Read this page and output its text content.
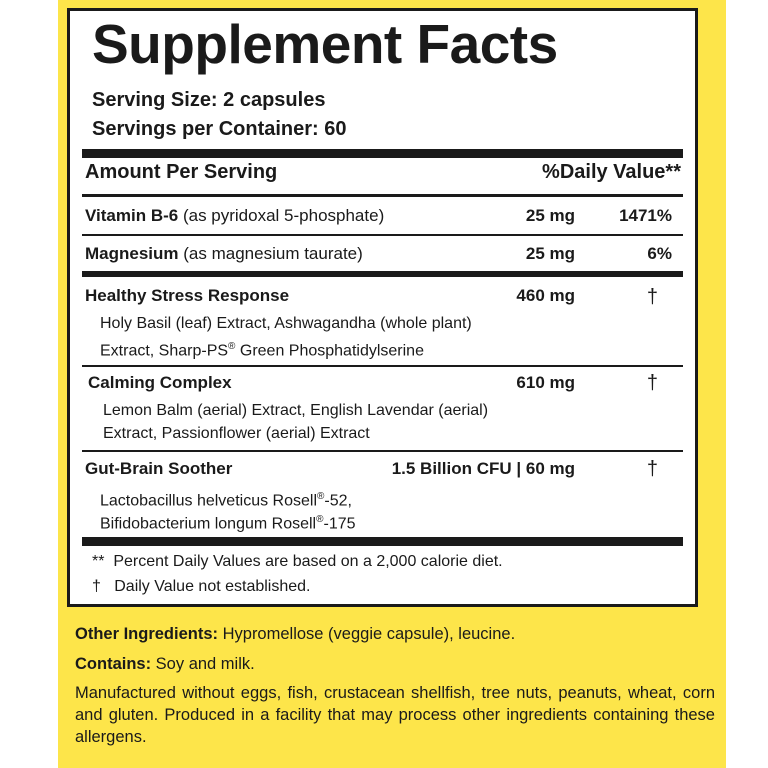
Supplement Facts
Serving Size: 2 capsules
Servings per Container: 60
Amount Per Serving	%Daily Value**
Vitamin B-6 (as pyridoxal 5-phosphate)	25 mg	1471%
Magnesium (as magnesium taurate)	25 mg	6%
Healthy Stress Response	460 mg	†
Holy Basil (leaf) Extract, Ashwagandha (whole plant)
Extract, Sharp-PS® Green Phosphatidylserine
Calming Complex	610 mg	†
Lemon Balm (aerial) Extract, English Lavendar (aerial)
Extract, Passionflower (aerial) Extract
Gut-Brain Soother	1.5 Billion CFU | 60 mg	†
Lactobacillus helveticus Rosell®-52,
Bifidobacterium longum Rosell®-175
**  Percent Daily Values are based on a 2,000 calorie diet.
†   Daily Value not established.
Other Ingredients: Hypromellose (veggie capsule), leucine.
Contains: Soy and milk.
Manufactured without eggs, fish, crustacean shellfish, tree nuts, peanuts, wheat, corn and gluten. Produced in a facility that may process other ingredients containing these allergens.
